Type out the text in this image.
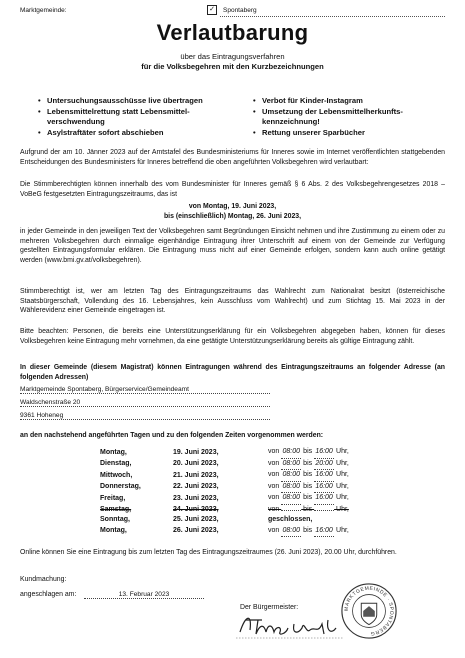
Marktgemeinde:	✓	Spontaberg
Verlautbarung
über das Eintragungsverfahren
für die Volksbegehren mit den Kurzbezeichnungen
• Untersuchungsausschüsse live übertragen
• Lebensmittelrettung statt Lebensmittel-verschwendung
• Asylstraftäter sofort abschieben
• Verbot für Kinder-Instagram
• Umsetzung der Lebensmittelherkunfts-kennzeichnung!
• Rettung unserer Sparbücher
Aufgrund der am 10. Jänner 2023 auf der Amtstafel des Bundesministeriums für Inneres sowie im Internet veröffentlichten stattgebenden Entscheidungen des Bundesministers für Inneres betreffend die oben angeführten Volksbegehren wird verlautbart:
Die Stimmberechtigten können innerhalb des vom Bundesminister für Inneres gemäß § 6 Abs. 2 des Volksbegehrengesetzes 2018 – VoBeG festgesetzten Eintragungszeitraums, das ist
von Montag, 19. Juni 2023,
bis (einschließlich) Montag, 26. Juni 2023,
in jeder Gemeinde in den jeweiligen Text der Volksbegehren samt Begründungen Einsicht nehmen und ihre Zustimmung zu einem oder zu mehreren Volksbegehren durch einmalige eigenhändige Eintragung ihrer Unterschrift auf einem von der Gemeinde zur Verfügung gestellten Eintragungsformular erklären. Die Eintragung muss nicht auf einer Gemeinde erfolgen, sondern kann auch online getätigt werden (www.bmi.gv.at/volksbegehren).
Stimmberechtigt ist, wer am letzten Tag des Eintragungszeitraums das Wahlrecht zum Nationalrat besitzt (österreichische Staatsbürgerschaft, Vollendung des 16. Lebensjahres, kein Ausschluss vom Wahlrecht) und zum Stichtag 15. Mai 2023 in der Wählerevidenz einer Gemeinde eingetragen ist.
Bitte beachten: Personen, die bereits eine Unterstützungserklärung für ein Volksbegehren abgegeben haben, können für dieses Volksbegehren keine Eintragung mehr vornehmen, da eine getätigte Unterstützungserklärung bereits als gültige Eintragung zählt.
In dieser Gemeinde (diesem Magistrat) können Eintragungen während des Eintragungszeitraums an folgender Adresse (an folgenden Adressen)
Marktgemeinde Spontaberg, Bürgerservice/Gemeindeamt
Waldschenstraße 20
9361 Hoheneg
an den nachstehend angeführten Tagen und zu den folgenden Zeiten vorgenommen werden:
Montag,	19. Juni 2023,	von 08:00 bis 16:00 Uhr,
Dienstag,	20. Juni 2023,	von 08:00 bis 20:00 Uhr,
Mittwoch,	21. Juni 2023,	von 08:00 bis 16:00 Uhr,
Donnerstag,	22. Juni 2023,	von 08:00 bis 16:00 Uhr,
Freitag,	23. Juni 2023,	von 08:00 bis 16:00 Uhr,
Samstag,	24. Juni 2023,	von bis Uhr,
Sonntag,	25. Juni 2023,	geschlossen,
Montag,	26. Juni 2023,	von 08:00 bis 16:00 Uhr,
Online können Sie eine Eintragung bis zum letzten Tag des Eintragungszeitraumes (26. Juni 2023), 20.00 Uhr, durchführen.
Kundmachung:
angeschlagen am:	13. Februar 2023
Der Bürgermeister:	MARKTGEMEINDE · SPONTABERG
